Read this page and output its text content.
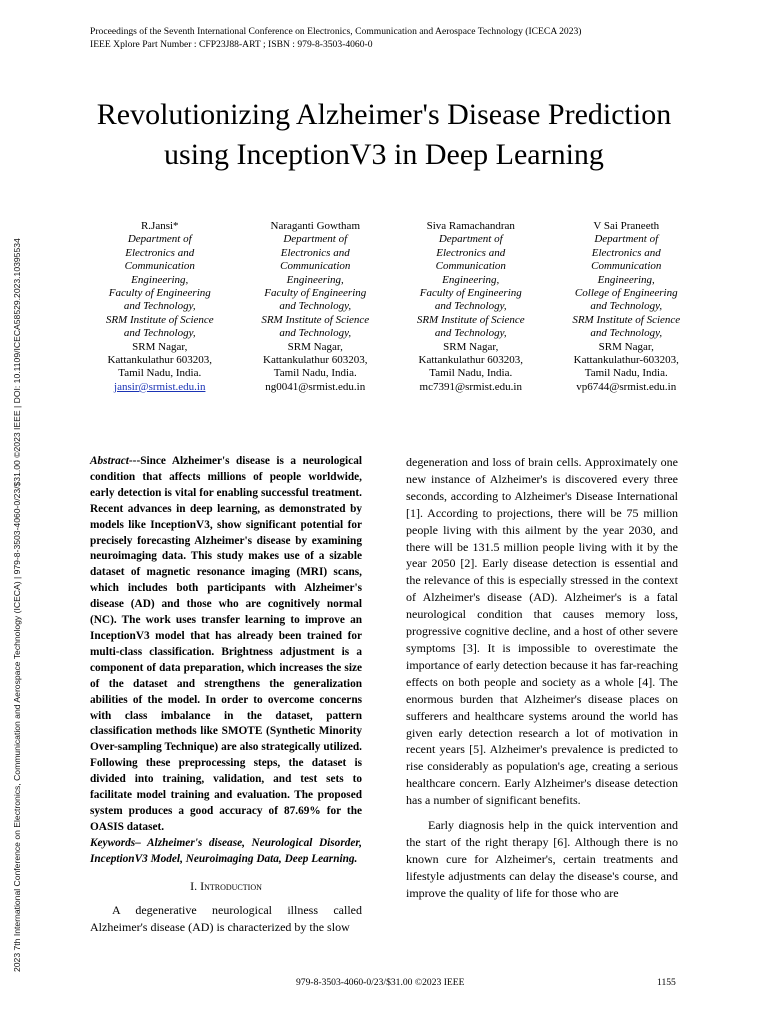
Proceedings of the Seventh International Conference on Electronics, Communication and Aerospace Technology (ICECA 2023)
IEEE Xplore Part Number : CFP23J88-ART ; ISBN : 979-8-3503-4060-0
2023 7th International Conference on Electronics, Communication and Aerospace Technology (ICECA) | 979-8-3503-4060-0/23/$31.00 ©2023 IEEE | DOI: 10.1109/ICECA58529.2023.10395534
Revolutionizing Alzheimer's Disease Prediction
using InceptionV3 in Deep Learning
R.Jansi*
Department of
Electronics and
Communication
Engineering,
Faculty of Engineering
and Technology,
SRM Institute of Science
and Technology,
SRM Nagar,
Kattankulathur 603203,
Tamil Nadu, India.
jansir@srmist.edu.in
Naraganti Gowtham
Department of
Electronics and
Communication
Engineering,
Faculty of Engineering
and Technology,
SRM Institute of Science
and Technology,
SRM Nagar,
Kattankulathur 603203,
Tamil Nadu, India.
ng0041@srmist.edu.in
Siva Ramachandran
Department of
Electronics and
Communication
Engineering,
Faculty of Engineering
and Technology,
SRM Institute of Science
and Technology,
SRM Nagar,
Kattankulathur 603203,
Tamil Nadu, India.
mc7391@srmist.edu.in
V Sai Praneeth
Department of
Electronics and
Communication
Engineering,
College of Engineering
and Technology,
SRM Institute of Science
and Technology,
SRM Nagar,
Kattankulathur-603203,
Tamil Nadu, India.
vp6744@srmist.edu.in

Abstract---Since Alzheimer's disease is a neurological condition that affects millions of people worldwide, early detection is vital for enabling successful treatment. Recent advances in deep learning, as demonstrated by models like InceptionV3, show significant potential for precisely forecasting Alzheimer's disease by examining neuroimaging data. This study makes use of a sizable dataset of magnetic resonance imaging (MRI) scans, which includes both participants with Alzheimer's disease (AD) and those who are cognitively normal (NC). The work uses transfer learning to improve an InceptionV3 model that has already been trained for multi-class classification. Brightness adjustment is a component of data preparation, which increases the size of the dataset and strengthens the generalization abilities of the model. In order to overcome concerns with class imbalance in the dataset, pattern classification methods like SMOTE (Synthetic Minority Over-sampling Technique) are also strategically utilized. Following these preprocessing steps, the dataset is divided into training, validation, and test sets to facilitate model training and evaluation. The proposed system produces a good accuracy of 87.69% for the OASIS dataset.

Keywords– Alzheimer's disease, Neurological Disorder, InceptionV3 Model, Neuroimaging Data, Deep Learning.

I. Introduction

A degenerative neurological illness called Alzheimer's disease (AD) is characterized by the slow

degeneration and loss of brain cells. Approximately one new instance of Alzheimer's is discovered every three seconds, according to Alzheimer's Disease International [1]. According to projections, there will be 75 million people living with this ailment by the year 2030, and there will be 131.5 million people living with it by the year 2050 [2]. Early disease detection is essential and the relevance of this is especially stressed in the context of Alzheimer's disease (AD). Alzheimer's is a fatal neurological condition that causes memory loss, progressive cognitive decline, and a host of other severe symptoms [3]. It is impossible to overestimate the importance of early detection because it has far-reaching effects on both people and society as a whole [4]. The enormous burden that Alzheimer's disease places on sufferers and healthcare systems around the world has given early detection research a lot of motivation in recent years [5]. Alzheimer's prevalence is predicted to rise considerably as population's age, creating a serious healthcare concern. Early Alzheimer's disease detection has a number of significant benefits.

Early diagnosis help in the quick intervention and the start of the right therapy [6]. Although there is no known cure for Alzheimer's, certain treatments and lifestyle adjustments can delay the disease's course, and improve the quality of life for those who are

979-8-3503-4060-0/23/$31.00 ©2023 IEEE	1155
